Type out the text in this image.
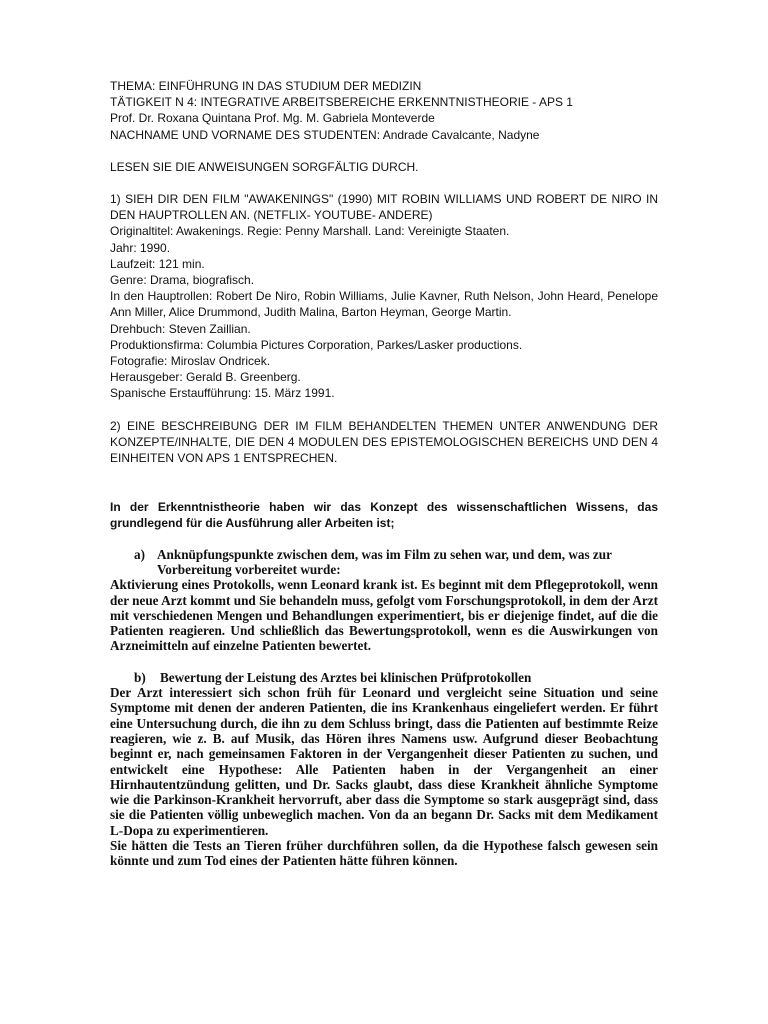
THEMA: EINFÜHRUNG IN DAS STUDIUM DER MEDIZIN
TÄTIGKEIT N 4: INTEGRATIVE ARBEITSBEREICHE ERKENNTNISTHEORIE - APS 1
Prof. Dr. Roxana Quintana Prof. Mg. M. Gabriela Monteverde
NACHNAME UND VORNAME DES STUDENTEN: Andrade Cavalcante, Nadyne

LESEN SIE DIE ANWEISUNGEN SORGFÄLTIG DURCH.

1) SIEH DIR DEN FILM "AWAKENINGS" (1990) MIT ROBIN WILLIAMS UND ROBERT DE NIRO IN DEN HAUPTROLLEN AN. (NETFLIX- YOUTUBE- ANDERE)

Originaltitel: Awakenings. Regie: Penny Marshall. Land: Vereinigte Staaten.
Jahr: 1990.
Laufzeit: 121 min.
Genre: Drama, biografisch.

In den Hauptrollen: Robert De Niro, Robin Williams, Julie Kavner, Ruth Nelson, John Heard, Penelope Ann Miller, Alice Drummond, Judith Malina, Barton Heyman, George Martin.

Drehbuch: Steven Zaillian.
Produktionsfirma: Columbia Pictures Corporation, Parkes/Lasker productions.
Fotografie: Miroslav Ondricek.
Herausgeber: Gerald B. Greenberg.
Spanische Erstaufführung: 15. März 1991.

2) EINE BESCHREIBUNG DER IM FILM BEHANDELTEN THEMEN UNTER ANWENDUNG DER KONZEPTE/INHALTE, DIE DEN 4 MODULEN DES EPISTEMOLOGISCHEN BEREICHS UND DEN 4 EINHEITEN VON APS 1 ENTSPRECHEN.

In der Erkenntnistheorie haben wir das Konzept des wissenschaftlichen Wissens, das grundlegend für die Ausführung aller Arbeiten ist;

a) Anknüpfungspunkte zwischen dem, was im Film zu sehen war, und dem, was zur Vorbereitung vorbereitet wurde:

Aktivierung eines Protokolls, wenn Leonard krank ist. Es beginnt mit dem Pflegeprotokoll, wenn der neue Arzt kommt und Sie behandeln muss, gefolgt vom Forschungsprotokoll, in dem der Arzt mit verschiedenen Mengen und Behandlungen experimentiert, bis er diejenige findet, auf die die Patienten reagieren. Und schließlich das Bewertungsprotokoll, wenn es die Auswirkungen von Arzneimitteln auf einzelne Patienten bewertet.

b)	Bewertung der Leistung des Arztes bei klinischen Prüfprotokollen

Der Arzt interessiert sich schon früh für Leonard und vergleicht seine Situation und seine Symptome mit denen der anderen Patienten, die ins Krankenhaus eingeliefert werden. Er führt eine Untersuchung durch, die ihn zu dem Schluss bringt, dass die Patienten auf bestimmte Reize reagieren, wie z. B. auf Musik, das Hören ihres Namens usw. Aufgrund dieser Beobachtung beginnt er, nach gemeinsamen Faktoren in der Vergangenheit dieser Patienten zu suchen, und entwickelt eine Hypothese: Alle Patienten haben in der Vergangenheit an einer Hirnhautentzündung gelitten, und Dr. Sacks glaubt, dass diese Krankheit ähnliche Symptome wie die Parkinson-Krankheit hervorruft, aber dass die Symptome so stark ausgeprägt sind, dass sie die Patienten völlig unbeweglich machen. Von da an begann Dr. Sacks mit dem Medikament L-Dopa zu experimentieren.

Sie hätten die Tests an Tieren früher durchführen sollen, da die Hypothese falsch gewesen sein könnte und zum Tod eines der Patienten hätte führen können.
